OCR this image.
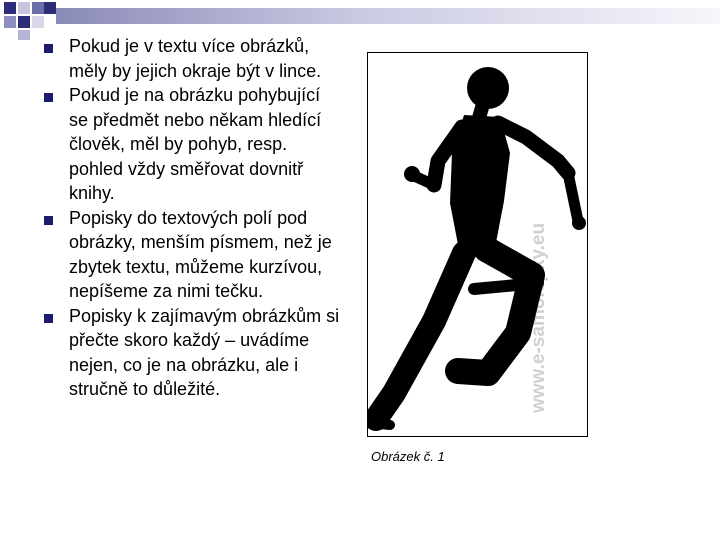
Pokud je v textu více obrázků, měly by jejich okraje být v lince.
Pokud je na obrázku pohybující se předmět nebo někam hledící člověk, měl by pohyb, resp. pohled vždy směřovat dovnitř knihy.
Popisky do textových polí pod obrázky, menším písmem, než je zbytek textu, můžeme kurzívou, nepíšeme za nimi tečku.
Popisky k zajímavým obrázkům si přečte skoro každý – uvádíme nejen, co je na obrázku, ale i stručně to důležité.	www.e-samolepky.eu
Obrázek č. 1
